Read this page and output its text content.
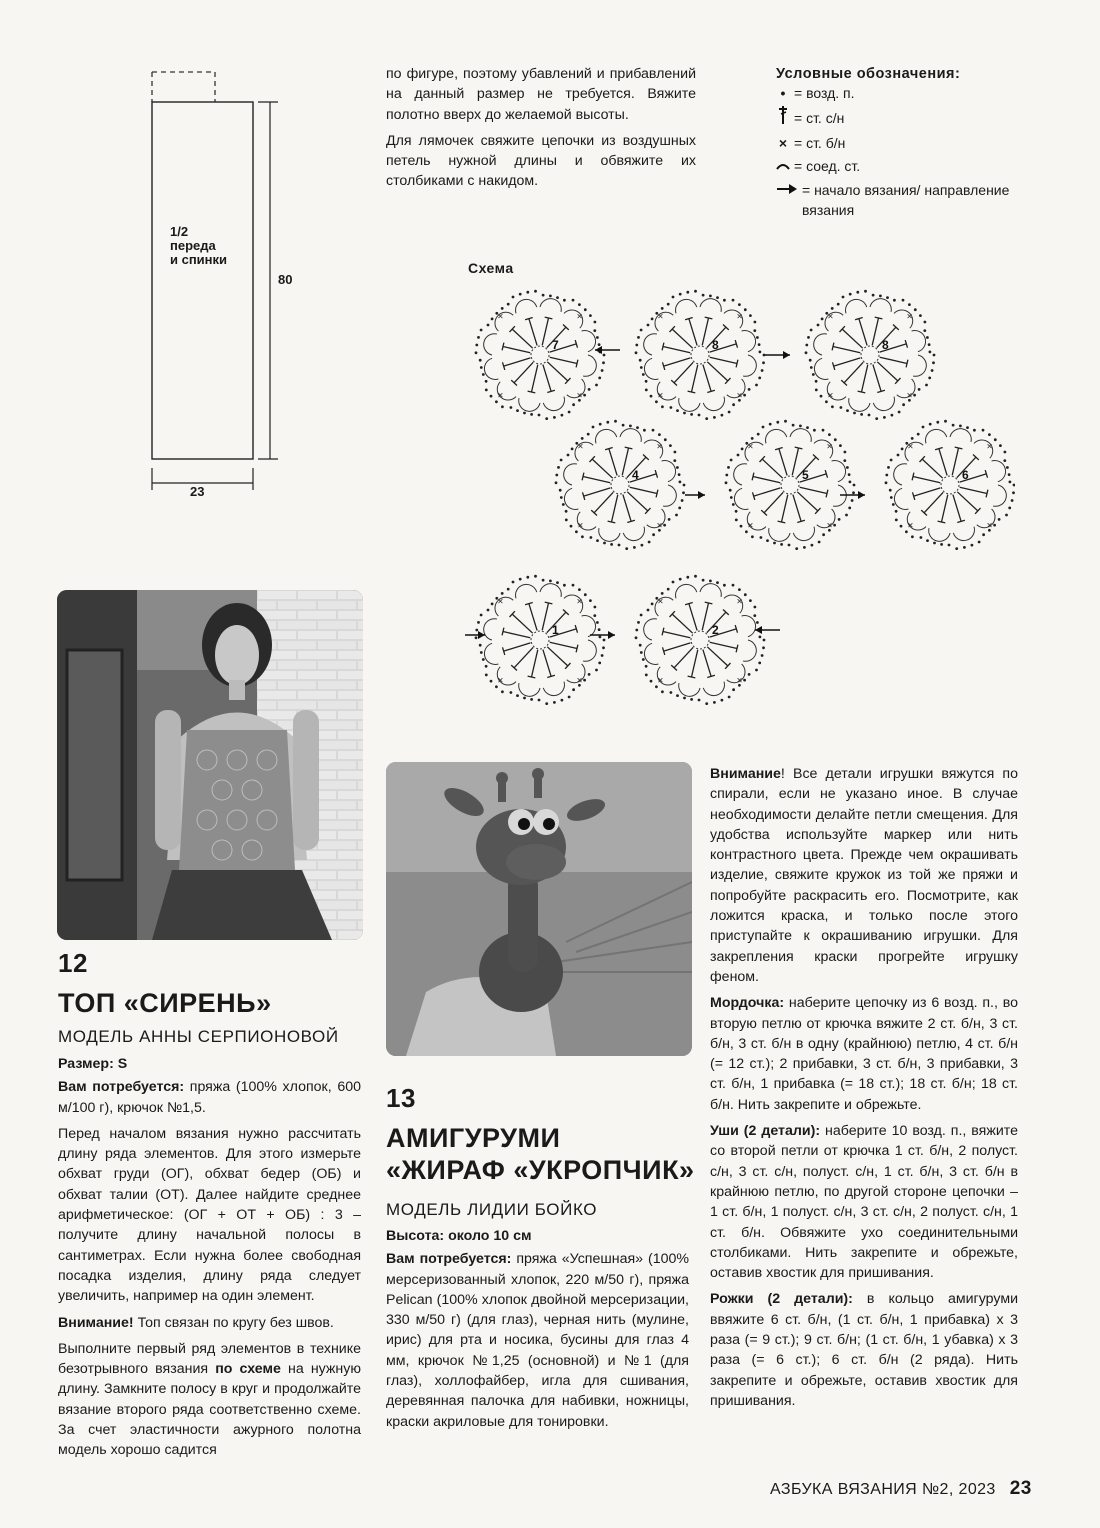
1/2
переда
и спинки
80
23

по фигуре, поэтому убавлений и прибавлений на данный размер не требуется. Вяжите полотно вверх до желаемой высоты.

Для лямочек свяжите цепочки из воздушных петель нужной длины и обвяжите их столбиками с накидом.

Условные обозначения:
• = возд. п.
= ст. с/н
× = ст. б/н
= соед. ст.
= начало вязания/ направление вязания
Схема
×
×
×	×
7
×
×
×	×
8
×
×
×	×
8
×
×
×	×
4
×
×
×	×
5
×
×
×	×
6
×
×
×	×
1
×
×
×	×
2
12
ТОП «СИРЕНЬ»
МОДЕЛЬ АННЫ СЕРПИОНОВОЙ

Размер: S

Вам потребуется: пряжа (100% хлопок, 600 м/100 г), крючок №1,5.

Перед началом вязания нужно рассчитать длину ряда элементов. Для этого измерьте обхват груди (ОГ), обхват бедер (ОБ) и обхват талии (ОТ). Далее найдите среднее арифметическое: (ОГ + ОТ + ОБ) : 3 – получите длину начальной полосы в сантиметрах. Если нужна более свободная посадка изделия, длину ряда следует увеличить, например на один элемент.

Внимание! Топ связан по кругу без швов.

Выполните первый ряд элементов в технике безотрывного вязания по схеме на нужную длину. Замкните полосу в круг и продолжайте вязание второго ряда соответственно схеме. За счет эластичности ажурного полотна модель хорошо садится

13
АМИГУРУМИ
«ЖИРАФ «УКРОПЧИК»
МОДЕЛЬ ЛИДИИ БОЙКО

Высота: около 10 см

Вам потребуется: пряжа «Успешная» (100% мерсеризованный хлопок, 220 м/50 г), пряжа Pelican (100% хлопок двойной мерсеризации, 330 м/50 г) (для глаз), черная нить (мулине, ирис) для рта и носика, бусины для глаз 4 мм, крючок №1,25 (основной) и №1 (для глаз), холлофайбер, игла для сшивания, деревянная палочка для набивки, ножницы, краски акриловые для тонировки.

Внимание! Все детали игрушки вяжутся по спирали, если не указано иное. В случае необходимости делайте петли смещения. Для удобства используйте маркер или нить контрастного цвета. Прежде чем окрашивать изделие, свяжите кружок из той же пряжи и попробуйте раскрасить его. Посмотрите, как ложится краска, и только после этого приступайте к окрашиванию игрушки. Для закрепления краски прогрейте игрушку феном.

Мордочка: наберите цепочку из 6 возд. п., во вторую петлю от крючка вяжите 2 ст. б/н, 3 ст. б/н, 3 ст. б/н в одну (крайнюю) петлю, 4 ст. б/н (= 12 ст.); 2 прибавки, 3 ст. б/н, 3 прибавки, 3 ст. б/н, 1 прибавка (= 18 ст.); 18 ст. б/н; 18 ст. б/н. Нить закрепите и обрежьте.

Уши (2 детали): наберите 10 возд. п., вяжите со второй петли от крючка 1 ст. б/н, 2 полуст. с/н, 3 ст. с/н, полуст. с/н, 1 ст. б/н, 3 ст. б/н в крайнюю петлю, по другой стороне цепочки – 1 ст. б/н, 1 полуст. с/н, 3 ст. с/н, 2 полуст. с/н, 1 ст. б/н. Обвяжите ухо соединительными столбиками. Нить закрепите и обрежьте, оставив хвостик для пришивания.

Рожки (2 детали): в кольцо амигуруми ввяжите 6 ст. б/н, (1 ст. б/н, 1 прибавка) х 3 раза (= 9 ст.); 9 ст. б/н; (1 ст. б/н, 1 убавка) х 3 раза (= 6 ст.); 6 ст. б/н (2 ряда). Нить закрепите и обрежьте, оставив хвостик для пришивания.

АЗБУКА ВЯЗАНИЯ №2, 2023 23
